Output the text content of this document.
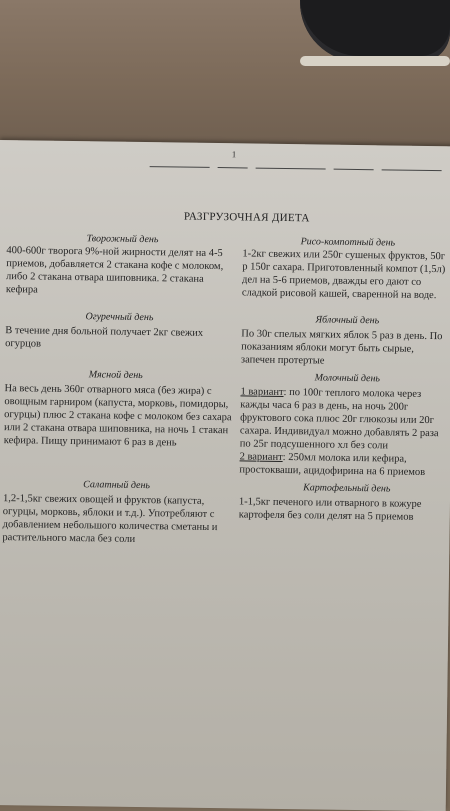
1
РАЗГРУЗОЧНАЯ ДИЕТА
Творожный день
400-600г творога 9%-ной жирности делят на 4-5 приемов, добавляется 2 стакана кофе с молоком, либо 2 стакана отвара шиповника. 2 стакана кефира
Огуречный день
В течение дня больной получает 2кг свежих огурцов
Мясной день
На весь день 360г отварного мяса (без жира) с овощным гарниром (капуста, морковь, помидоры, огурцы) плюс 2 стакана кофе с молоком без сахара или 2 стакана отвара шиповника, на ночь 1 стакан кефира. Пищу принимают 6 раз в день
Салатный день
1,2-1,5кг свежих овощей и фруктов (капуста, огурцы, морковь, яблоки и т.д.). Употребляют с добавлением небольшого количества сметаны и растительного масла без соли
Рисо-компотный день
1-2кг свежих или 250г сушеных фруктов, 50г р 150г сахара. Приготовленный компот (1,5л) дел на 5-6 приемов, дважды его дают со сладкой рисовой кашей, сваренной на воде.
Яблочный день
По 30г спелых мягких яблок 5 раз в день. По показаниям яблоки могут быть сырые, запечен протертые
Молочный день
1 вариант: по 100г теплого молока через кажды часа 6 раз в день, на ночь 200г фруктового сока плюс 20г глюкозы или 20г сахара. Индивидуал можно добавлять 2 раза по 25г подсушенного хл без соли
2 вариант: 250мл молока или кефира, простокваши, ацидофирина на 6 приемов
Картофельный день
1-1,5кг печеного или отварного в кожуре картофеля без соли делят на 5 приемов
